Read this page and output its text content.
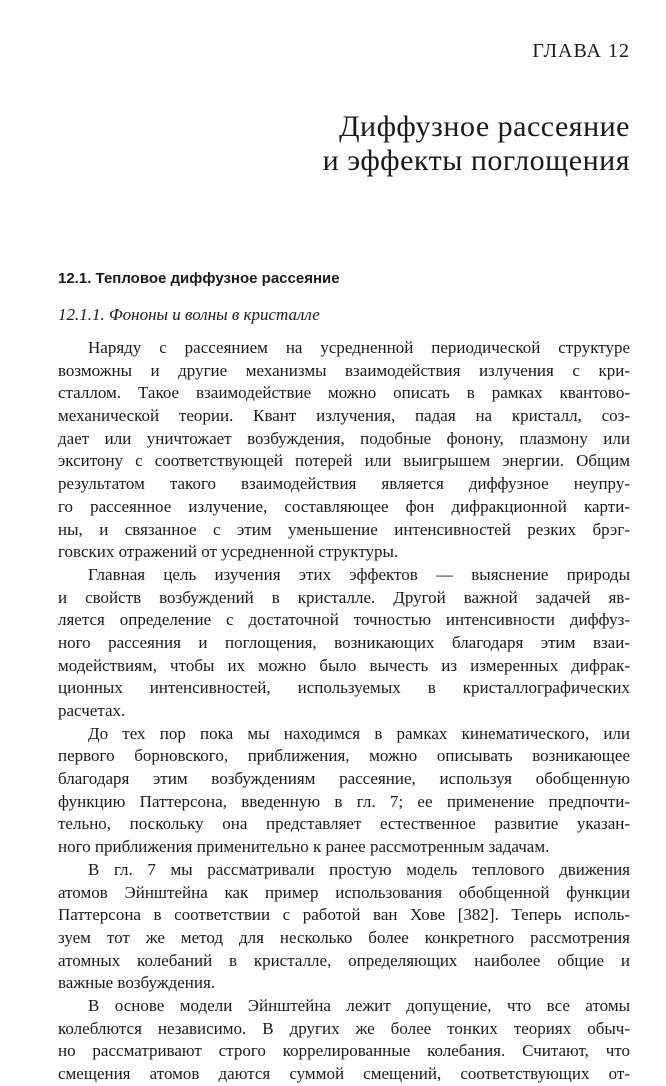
ГЛАВА 12
Диффузное рассеяние
и эффекты поглощения
12.1. Тепловое диффузное рассеяние
12.1.1. Фононы и волны в кристалле
Наряду с рассеянием на усредненной периодической структуре
возможны и другие механизмы взаимодействия излучения с кри-
сталлом. Такое взаимодействие можно описать в рамках квантово-
механической теории. Квант излучения, падая на кристалл, соз-
дает или уничтожает возбуждения, подобные фонону, плазмону или
экситону с соответствующей потерей или выигрышем энергии. Общим
результатом такого взаимодействия является диффузное неупру-
го рассеянное излучение, составляющее фон дифракционной карти-
ны, и связанное с этим уменьшение интенсивностей резких брэг-
говских отражений от усредненной структуры.
Главная цель изучения этих эффектов — выяснение природы
и свойств возбуждений в кристалле. Другой важной задачей яв-
ляется определение с достаточной точностью интенсивности диффуз-
ного рассеяния и поглощения, возникающих благодаря этим взаи-
модействиям, чтобы их можно было вычесть из измеренных дифрак-
ционных интенсивностей, используемых в кристаллографических
расчетах.
До тех пор пока мы находимся в рамках кинематического, или
первого борновского, приближения, можно описывать возникающее
благодаря этим возбуждениям рассеяние, используя обобщенную
функцию Паттерсона, введенную в гл. 7; ее применение предпочти-
тельно, поскольку она представляет естественное развитие указан-
ного приближения применительно к ранее рассмотренным задачам.
В гл. 7 мы рассматривали простую модель теплового движения
атомов Эйнштейна как пример использования обобщенной функции
Паттерсона в соответствии с работой ван Хове [382]. Теперь исполь-
зуем тот же метод для несколько более конкретного рассмотрения
атомных колебаний в кристалле, определяющих наиболее общие и
важные возбуждения.
В основе модели Эйнштейна лежит допущение, что все атомы
колеблются независимо. В других же более тонких теориях обыч-
но рассматривают строго коррелированные колебания. Считают, что
смещения атомов даются суммой смещений, соответствующих от-
